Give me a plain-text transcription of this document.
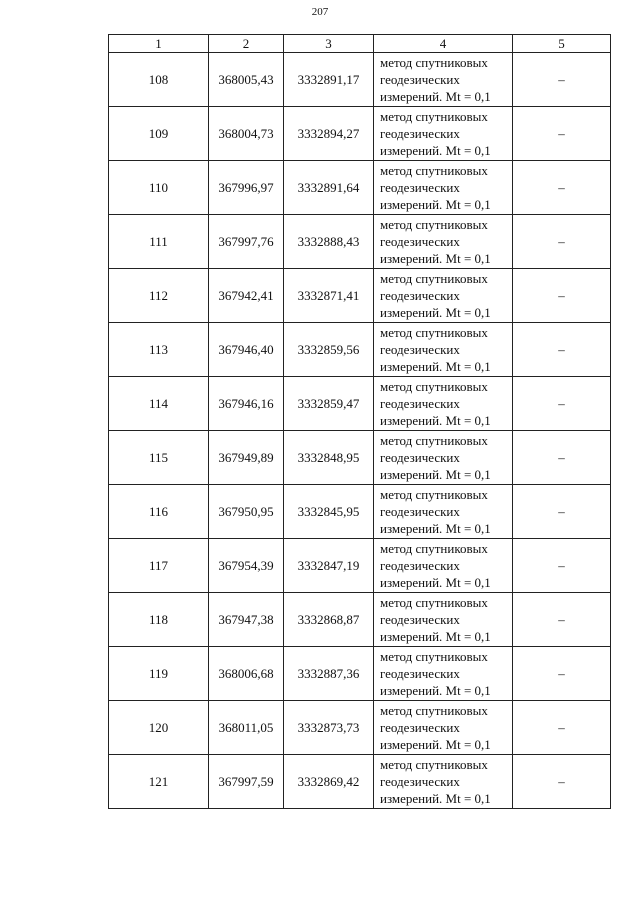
207
1	2	3	4	5
108	368005,43	3332891,17	метод спутниковых
геодезических
измерений. Mt = 0,1	–
109	368004,73	3332894,27	метод спутниковых
геодезических
измерений. Mt = 0,1	–
110	367996,97	3332891,64	метод спутниковых
геодезических
измерений. Mt = 0,1	–
111	367997,76	3332888,43	метод спутниковых
геодезических
измерений. Mt = 0,1	–
112	367942,41	3332871,41	метод спутниковых
геодезических
измерений. Mt = 0,1	–
113	367946,40	3332859,56	метод спутниковых
геодезических
измерений. Mt = 0,1	–
114	367946,16	3332859,47	метод спутниковых
геодезических
измерений. Mt = 0,1	–
115	367949,89	3332848,95	метод спутниковых
геодезических
измерений. Mt = 0,1	–
116	367950,95	3332845,95	метод спутниковых
геодезических
измерений. Mt = 0,1	–
117	367954,39	3332847,19	метод спутниковых
геодезических
измерений. Mt = 0,1	–
118	367947,38	3332868,87	метод спутниковых
геодезических
измерений. Mt = 0,1	–
119	368006,68	3332887,36	метод спутниковых
геодезических
измерений. Mt = 0,1	–
120	368011,05	3332873,73	метод спутниковых
геодезических
измерений. Mt = 0,1	–
121	367997,59	3332869,42	метод спутниковых
геодезических
измерений. Mt = 0,1	–
